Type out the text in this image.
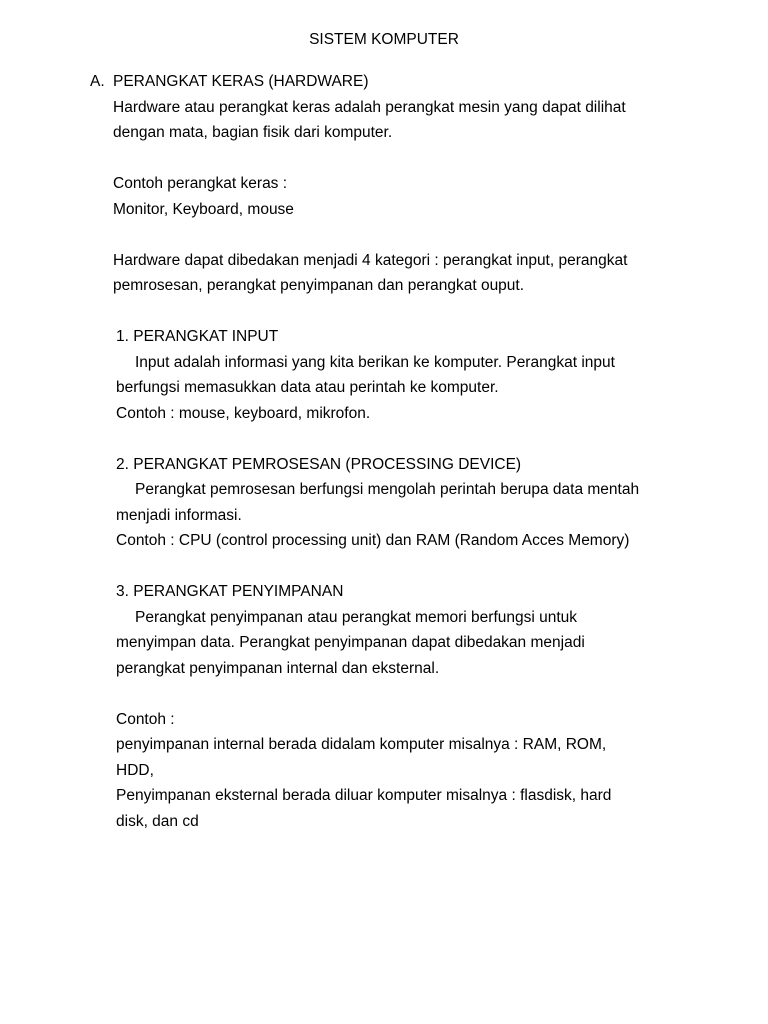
SISTEM KOMPUTER

A. PERANGKAT KERAS (HARDWARE)

Hardware atau perangkat keras adalah perangkat mesin yang dapat dilihat

dengan mata, bagian fisik dari komputer.

Contoh perangkat keras :

Monitor, Keyboard, mouse

Hardware dapat dibedakan menjadi 4 kategori : perangkat input, perangkat

pemrosesan, perangkat penyimpanan dan perangkat ouput.

1. PERANGKAT INPUT

Input adalah informasi yang kita berikan ke komputer. Perangkat input

berfungsi memasukkan data atau perintah ke komputer.

Contoh : mouse, keyboard, mikrofon.

2. PERANGKAT PEMROSESAN (PROCESSING DEVICE)

Perangkat pemrosesan berfungsi mengolah perintah berupa data mentah

menjadi informasi.

Contoh : CPU (control processing unit) dan RAM (Random Acces Memory)

3. PERANGKAT PENYIMPANAN

Perangkat penyimpanan atau perangkat memori berfungsi untuk

menyimpan data. Perangkat penyimpanan dapat dibedakan menjadi

perangkat penyimpanan internal dan eksternal.

Contoh :

penyimpanan internal berada didalam komputer misalnya : RAM, ROM,

HDD,

Penyimpanan eksternal berada diluar komputer misalnya : flasdisk, hard

disk, dan cd
